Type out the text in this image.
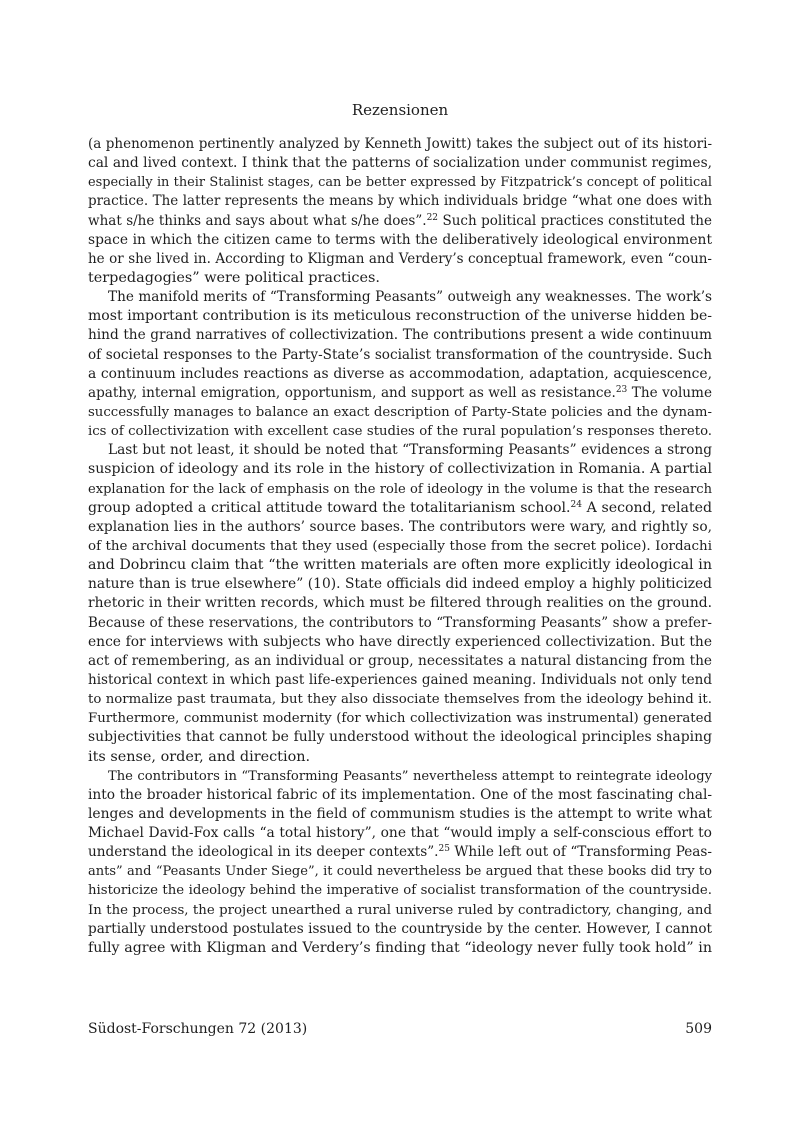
Rezensionen
(a phenomenon pertinently analyzed by Kenneth Jowitt) takes the subject out of its histori-
cal and lived context. I think that the patterns of socialization under communist regimes,
especially in their Stalinist stages, can be better expressed by Fitzpatrick’s concept of political
practice. The latter represents the means by which individuals bridge “what one does with
what s/he thinks and says about what s/he does”.$^{22}$ Such political practices constituted the
space in which the citizen came to terms with the deliberatively ideological environment
he or she lived in. According to Kligman and Verdery’s conceptual framework, even “coun-
terpedagogies” were political practices.
The manifold merits of “Transforming Peasants” outweigh any weaknesses. The work’s
most important contribution is its meticulous reconstruction of the universe hidden be-
hind the grand narratives of collectivization. The contributions present a wide continuum
of societal responses to the Party-State’s socialist transformation of the countryside. Such
a continuum includes reactions as diverse as accommodation, adaptation, acquiescence,
apathy, internal emigration, opportunism, and support as well as resistance.$^{23}$ The volume
successfully manages to balance an exact description of Party-State policies and the dynam-
ics of collectivization with excellent case studies of the rural population’s responses thereto.
Last but not least, it should be noted that “Transforming Peasants” evidences a strong
suspicion of ideology and its role in the history of collectivization in Romania. A partial
explanation for the lack of emphasis on the role of ideology in the volume is that the research
group adopted a critical attitude toward the totalitarianism school.$^{24}$ A second, related
explanation lies in the authors’ source bases. The contributors were wary, and rightly so,
of the archival documents that they used (especially those from the secret police). Iordachi
and Dobrincu claim that “the written materials are often more explicitly ideological in
nature than is true elsewhere” (10). State officials did indeed employ a highly politicized
rhetoric in their written records, which must be filtered through realities on the ground.
Because of these reservations, the contributors to “Transforming Peasants” show a prefer-
ence for interviews with subjects who have directly experienced collectivization. But the
act of remembering, as an individual or group, necessitates a natural distancing from the
historical context in which past life-experiences gained meaning. Individuals not only tend
to normalize past traumata, but they also dissociate themselves from the ideology behind it.
Furthermore, communist modernity (for which collectivization was instrumental) generated
subjectivities that cannot be fully understood without the ideological principles shaping
its sense, order, and direction.
The contributors in “Transforming Peasants” nevertheless attempt to reintegrate ideology
into the broader historical fabric of its implementation. One of the most fascinating chal-
lenges and developments in the field of communism studies is the attempt to write what
Michael David-Fox calls “a total history”, one that “would imply a self-conscious effort to
understand the ideological in its deeper contexts”.$^{25}$ While left out of “Transforming Peas-
ants” and “Peasants Under Siege”, it could nevertheless be argued that these books did try to
historicize the ideology behind the imperative of socialist transformation of the countryside.
In the process, the project unearthed a rural universe ruled by contradictory, changing, and
partially understood postulates issued to the countryside by the center. However, I cannot
fully agree with Kligman and Verdery’s finding that “ideology never fully took hold” in
Südost-Forschungen 72 (2013)	509
